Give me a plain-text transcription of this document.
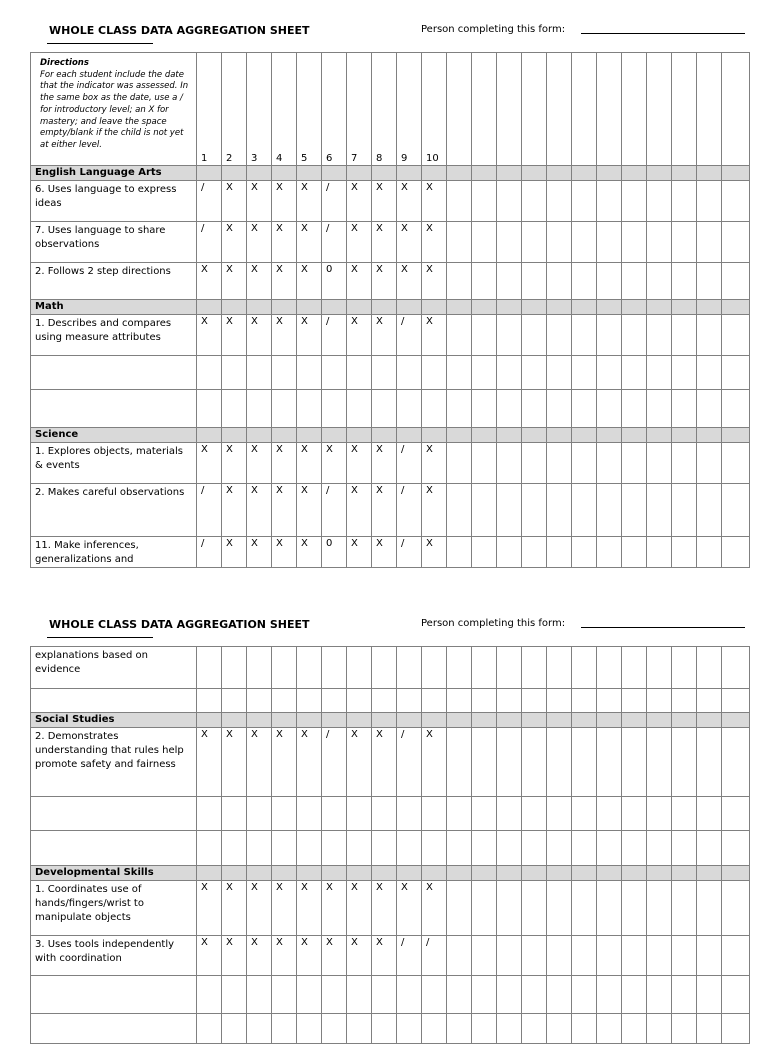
WHOLE CLASS DATA AGGREGATION SHEET	Person completing this form:
Directions
For each student include the date that the indicator was assessed. In the same box as the date, use a / for introductory level; an X for mastery; and leave the space empty/blank if the child is not yet at either level.	1	2	3	4	5	6	7	8	9	10												
English Language Arts																						
6. Uses language to express ideas	/	X	X	X	X	/	X	X	X	X												
7. Uses language to share observations	/	X	X	X	X	/	X	X	X	X												
2. Follows 2 step directions	X	X	X	X	X	0	X	X	X	X												
Math																						
1. Describes and compares using measure attributes	X	X	X	X	X	/	X	X	/	X												

Science																						
1. Explores objects, materials & events	X	X	X	X	X	X	X	X	/	X												
2. Makes careful observations	/	X	X	X	X	/	X	X	/	X												
11. Make inferences, generalizations and	/	X	X	X	X	0	X	X	/	X												
WHOLE CLASS DATA AGGREGATION SHEET	Person completing this form:
explanations based on evidence																						

Social Studies																						
2. Demonstrates understanding that rules help promote safety and fairness	X	X	X	X	X	/	X	X	/	X												

Developmental Skills																						
1. Coordinates use of hands/fingers/wrist to manipulate objects	X	X	X	X	X	X	X	X	X	X												
3. Uses tools independently with coordination	X	X	X	X	X	X	X	X	/	/												
